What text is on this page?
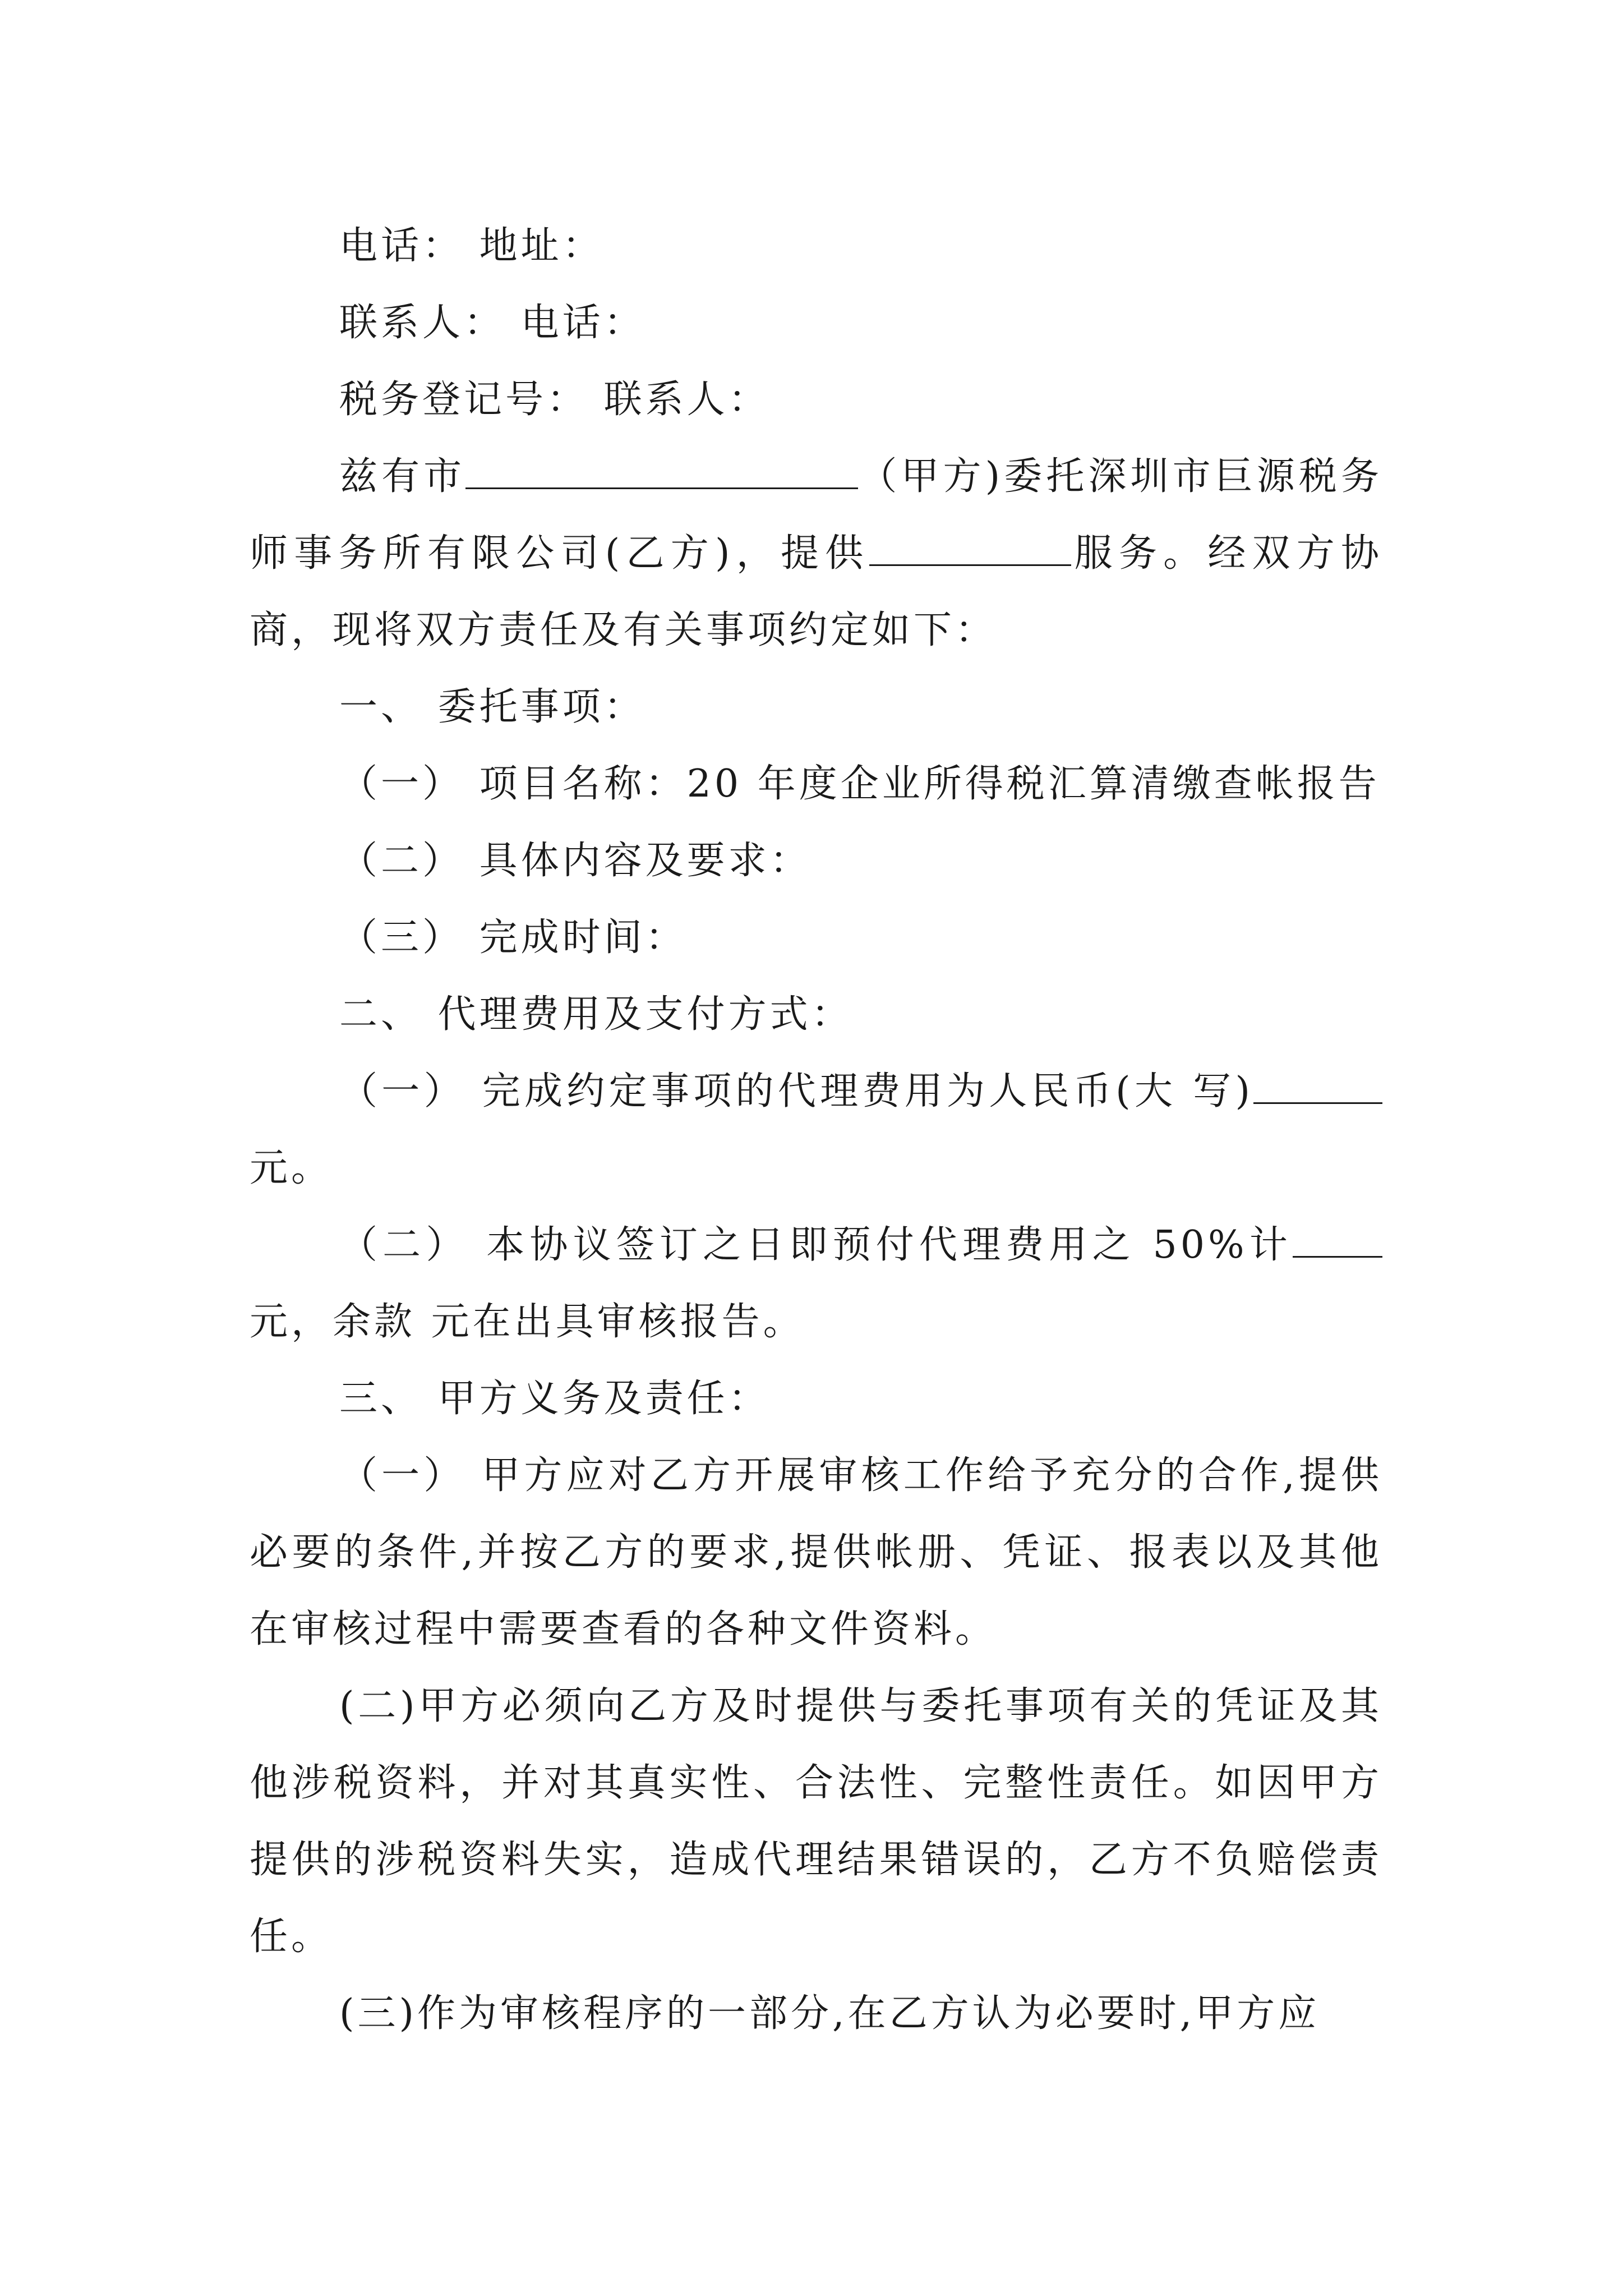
电话： 地址：

联系人： 电话：

税务登记号： 联系人：

兹有市	（甲方)委托深圳市巨源税务师事务所有限公司(乙方)，提供	服务。经双方协商，现将双方责任及有关事项约定如下：

一、 委托事项：

（一） 项目名称：20 年度企业所得税汇算清缴查帐报告

（二） 具体内容及要求：

（三） 完成时间：

二、 代理费用及支付方式：

（一） 完成约定事项的代理费用为人民币(大 写)元。

（二） 本协议签订之日即预付代理费用之 50%计元，余款 元在出具审核报告。

三、 甲方义务及责任：

（一） 甲方应对乙方开展审核工作给予充分的合作,提供必要的条件,并按乙方的要求,提供帐册、凭证、报表以及其他在审核过程中需要查看的各种文件资料。

(二)甲方必须向乙方及时提供与委托事项有关的凭证及其他涉税资料，并对其真实性、合法性、完整性责任。如因甲方提供的涉税资料失实，造成代理结果错误的，乙方不负赔偿责任。

(三)作为审核程序的一部分,在乙方认为必要时,甲方应
